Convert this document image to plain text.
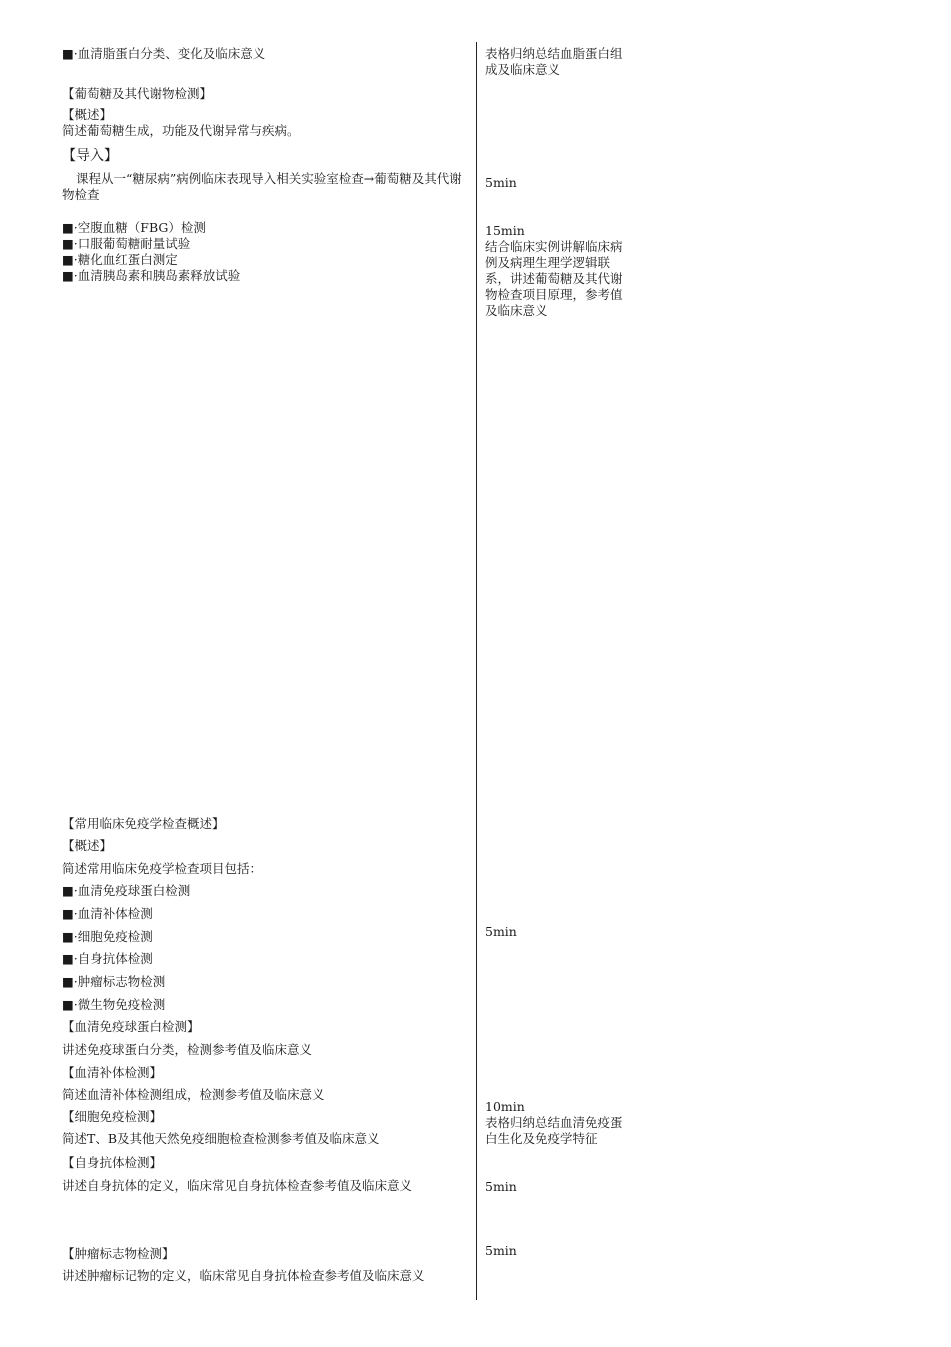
■·血清脂蛋白分类、变化及临床意义
【葡萄糖及其代谢物检测】
【概述】
简述葡萄糖生成，功能及代谢异常与疾病。
【导入】
课程从一“糖尿病”病例临床表现导入相关实验室检查→葡萄糖及其代谢物检查
■·空腹血糖（FBG）检测
■·口服葡萄糖耐量试验
■·糖化血红蛋白测定
■·血清胰岛素和胰岛素释放试验
【常用临床免疫学检查概述】
【概述】
简述常用临床免疫学检查项目包括：
■·血清免疫球蛋白检测
■·血清补体检测
■·细胞免疫检测
■·自身抗体检测
■·肿瘤标志物检测
■·微生物免疫检测
【血清免疫球蛋白检测】
讲述免疫球蛋白分类，检测参考值及临床意义
【血清补体检测】
简述血清补体检测组成，检测参考值及临床意义
【细胞免疫检测】
简述T、B及其他天然免疫细胞检查检测参考值及临床意义
【自身抗体检测】
讲述自身抗体的定义，临床常见自身抗体检查参考值及临床意义
【肿瘤标志物检测】
讲述肿瘤标记物的定义，临床常见自身抗体检查参考值及临床意义
表格归纳总结血脂蛋白组成及临床意义
5min
15min
结合临床实例讲解临床病例及病理生理学逻辑联系，讲述葡萄糖及其代谢物检查项目原理，参考值及临床意义
5min
10min
表格归纳总结血清免疫蛋白生化及免疫学特征
5min
5min
